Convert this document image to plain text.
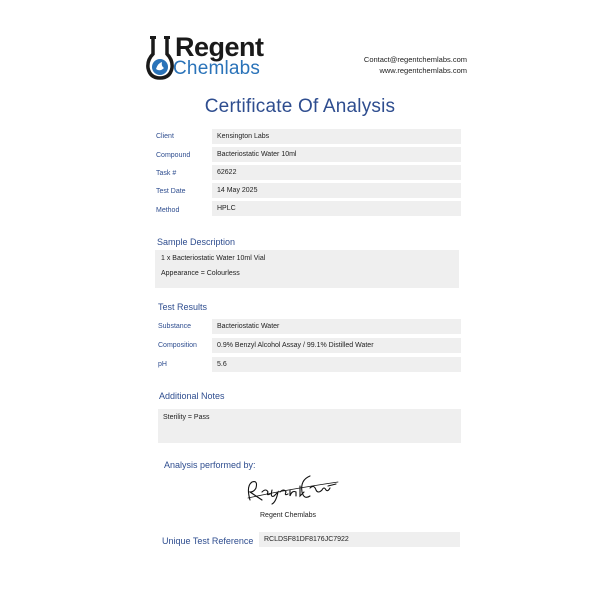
Regent
Chemlabs	Contact@regentchemlabs.com
www.regentchemlabs.com
Certificate Of Analysis
Client	Kensington Labs
Compound	Bacteriostatic Water 10ml
Task #	62622
Test Date	14 May 2025
Method	HPLC
Sample Description

1 x Bacteriostatic Water 10ml Vial

Appearance = Colourless

Test Results
Substance	Bacteriostatic Water
Composition	0.9% Benzyl Alcohol Assay / 99.1% Distilled Water
pH	5.6
Additional Notes

Sterility = Pass

Analysis performed by:
Regent Chemlabs
Unique Test Reference	RCLDSF81DF8176JC7922
